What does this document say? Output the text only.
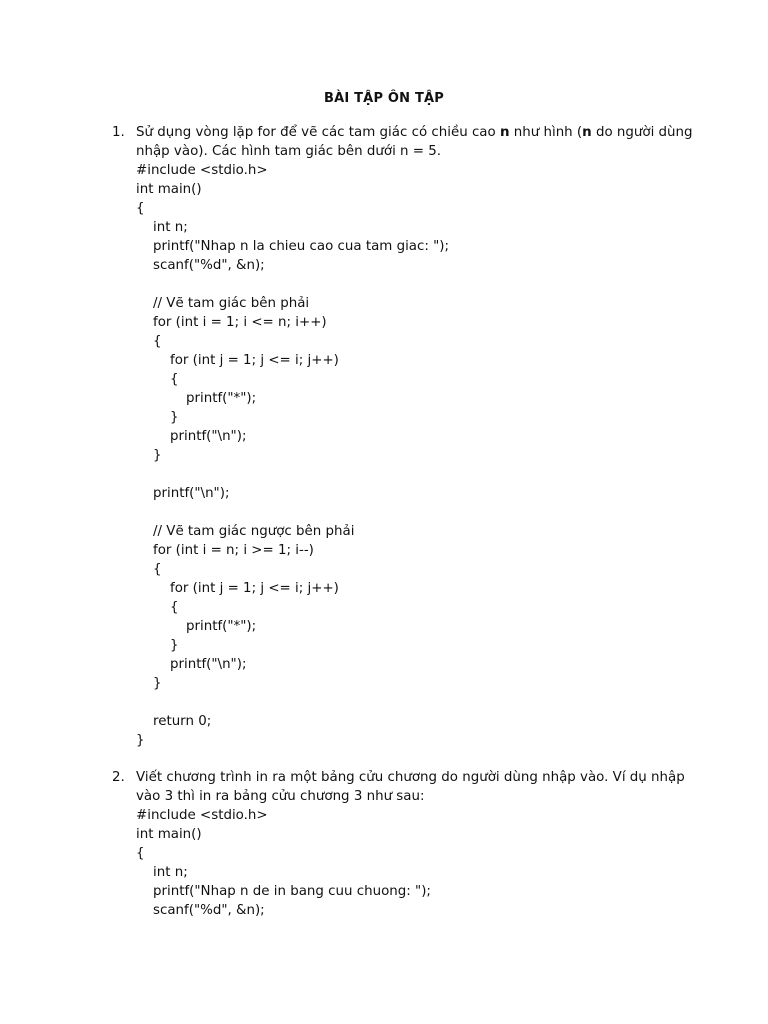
BÀI TẬP ÔN TẬP
1. Sử dụng vòng lặp for để vẽ các tam giác có chiều cao n như hình (n do người dùng nhập vào). Các hình tam giác bên dưới n = 5.
#include <stdio.h>
int main()
{
int n;
printf("Nhap n la chieu cao cua tam giac: ");
scanf("%d", &n);
// Vẽ tam giác bên phải
for (int i = 1; i <= n; i++)
{
for (int j = 1; j <= i; j++)
{
printf("*");
}
printf("\n");
}
printf("\n");
// Vẽ tam giác ngược bên phải
for (int i = n; i >= 1; i--)
{
for (int j = 1; j <= i; j++)
{
printf("*");
}
printf("\n");
}
return 0;
}
2. Viết chương trình in ra một bảng cửu chương do người dùng nhập vào. Ví dụ nhập vào 3 thì in ra bảng cửu chương 3 như sau:
#include <stdio.h>
int main()
{
int n;
printf("Nhap n de in bang cuu chuong: ");
scanf("%d", &n);
